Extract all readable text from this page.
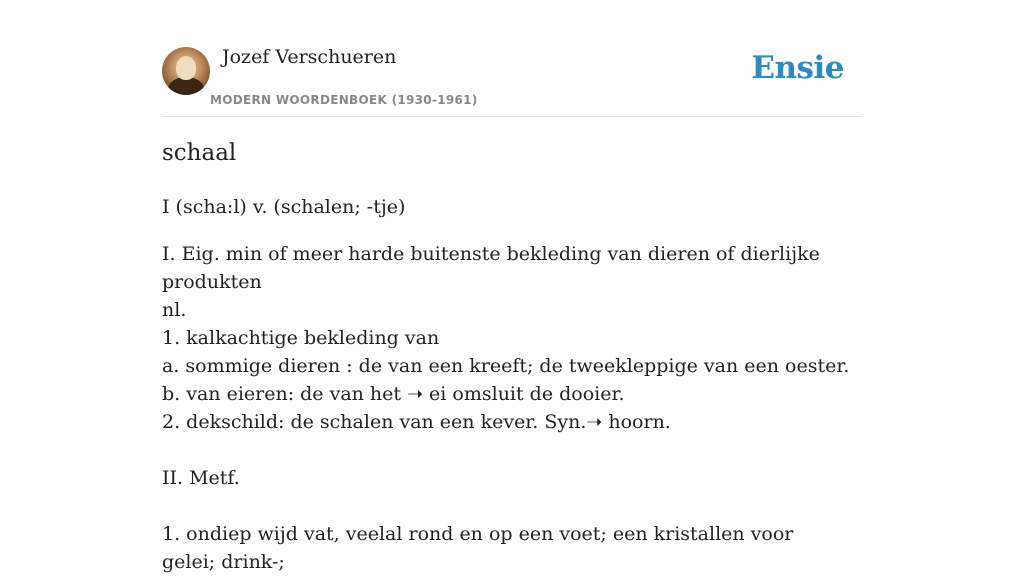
Jozef Verschueren
MODERN WOORDENBOEK (1930-1961)
Ensie
schaal

I (scha:l) v. (schalen; -tje)

I. Eig. min of meer harde buitenste bekleding van dieren of dierlijke produkten

nl.

1. kalkachtige bekleding van

a. sommige dieren : de van een kreeft; de tweekleppige van een oester.

b. van eieren: de van het ➝ ei omsluit de dooier.

2. dekschild: de schalen van een kever. Syn.➝ hoorn.

II. Metf.

1. ondiep wijd vat, veelal rond en op een voet; een kristallen voor gelei; drink-;
